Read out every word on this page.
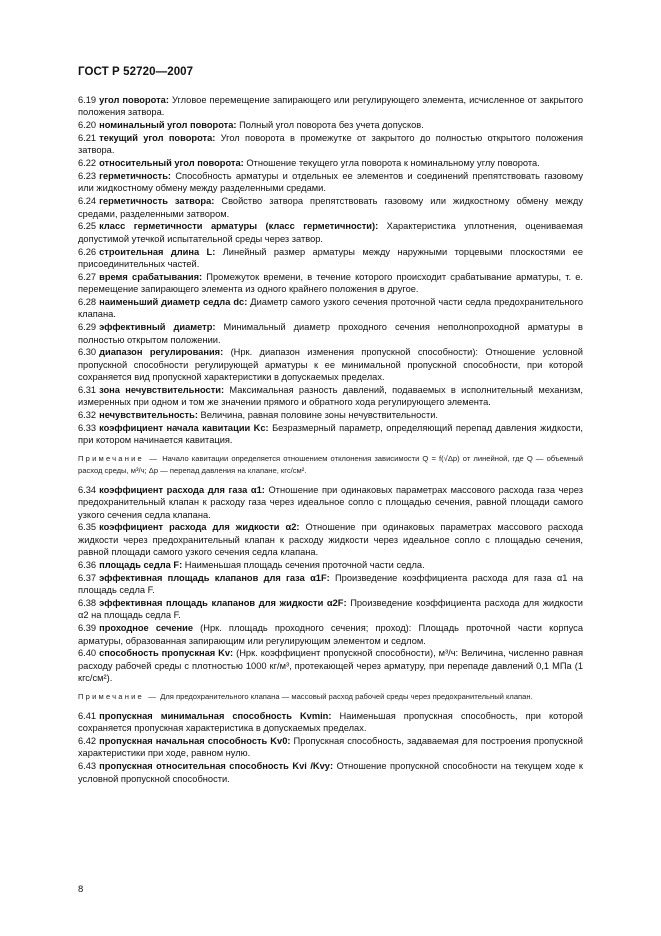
ГОСТ Р 52720—2007
6.19 угол поворота: Угловое перемещение запирающего или регулирующего элемента, исчисленное от закрытого положения затвора.
6.20 номинальный угол поворота: Полный угол поворота без учета допусков.
6.21 текущий угол поворота: Угол поворота в промежутке от закрытого до полностью открытого положения затвора.
6.22 относительный угол поворота: Отношение текущего угла поворота к номинальному углу поворота.
6.23 герметичность: Способность арматуры и отдельных ее элементов и соединений препятствовать газовому или жидкостному обмену между разделенными средами.
6.24 герметичность затвора: Свойство затвора препятствовать газовому или жидкостному обмену между средами, разделенными затвором.
6.25 класс герметичности арматуры (класс герметичности): Характеристика уплотнения, оцениваемая допустимой утечкой испытательной среды через затвор.
6.26 строительная длина L: Линейный размер арматуры между наружными торцевыми плоскостями ее присоединительных частей.
6.27 время срабатывания: Промежуток времени, в течение которого происходит срабатывание арматуры, т. е. перемещение запирающего элемента из одного крайнего положения в другое.
6.28 наименьший диаметр седла dc: Диаметр самого узкого сечения проточной части седла предохранительного клапана.
6.29 эффективный диаметр: Минимальный диаметр проходного сечения неполнопроходной арматуры в полностью открытом положении.
6.30 диапазон регулирования: (Нрк. диапазон изменения пропускной способности): Отношение условной пропускной способности регулирующей арматуры к ее минимальной пропускной способности, при которой сохраняется вид пропускной характеристики в допускаемых пределах.
6.31 зона нечувствительности: Максимальная разность давлений, подаваемых в исполнительный механизм, измеренных при одном и том же значении прямого и обратного хода регулирующего элемента.
6.32 нечувствительность: Величина, равная половине зоны нечувствительности.
6.33 коэффициент начала кавитации Kc: Безразмерный параметр, определяющий перепад давления жидкости, при котором начинается кавитация.
Примечание — Начало кавитации определяется отношением отклонения зависимости Q = f(√Δp) от линейной, где Q — объемный расход среды, м³/ч; Δp — перепад давления на клапане, кгс/см².
6.34 коэффициент расхода для газа α1: Отношение при одинаковых параметрах массового расхода газа через предохранительный клапан к расходу газа через идеальное сопло с площадью сечения, равной площади самого узкого сечения седла клапана.
6.35 коэффициент расхода для жидкости α2: Отношение при одинаковых параметрах массового расхода жидкости через предохранительный клапан к расходу жидкости через идеальное сопло с площадью сечения, равной площади самого узкого сечения седла клапана.
6.36 площадь седла F: Наименьшая площадь сечения проточной части седла.
6.37 эффективная площадь клапанов для газа α1F: Произведение коэффициента расхода для газа α1 на площадь седла F.
6.38 эффективная площадь клапанов для жидкости α2F: Произведение коэффициента расхода для жидкости α2 на площадь седла F.
6.39 проходное сечение (Нрк. площадь проходного сечения; проход): Площадь проточной части корпуса арматуры, образованная запирающим или регулирующим элементом и седлом.
6.40 способность пропускная Kv: (Нрк. коэффициент пропускной способности), м³/ч: Величина, численно равная расходу рабочей среды с плотностью 1000 кг/м³, протекающей через арматуру, при перепаде давлений 0,1 МПа (1 кгс/см²).
Примечание — Для предохранительного клапана — массовый расход рабочей среды через предохранительный клапан.
6.41 пропускная минимальная способность Kvmin: Наименьшая пропускная способность, при которой сохраняется пропускная характеристика в допускаемых пределах.
6.42 пропускная начальная способность Kv0: Пропускная способность, задаваемая для построения пропускной характеристики при ходе, равном нулю.
6.43 пропускная относительная способность Kvi /Kvy: Отношение пропускной способности на текущем ходе к условной пропускной способности.
8
